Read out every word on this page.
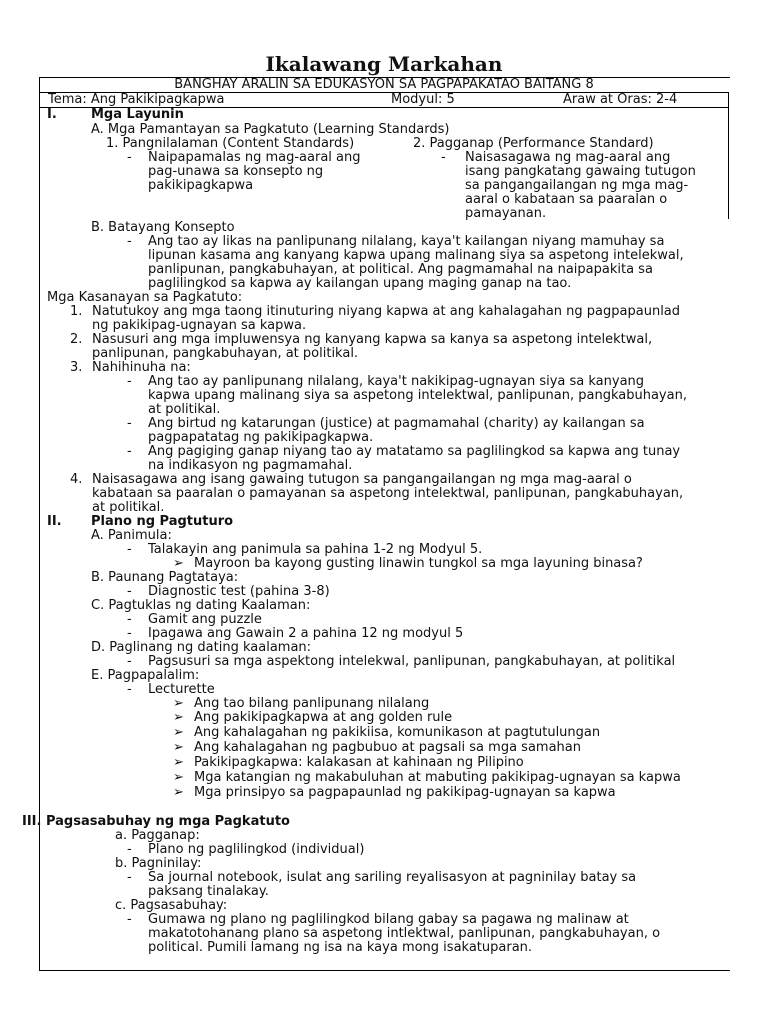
Ikalawang Markahan
BANGHAY ARALIN SA EDUKASYON SA PAGPAPAKATAO BAITANG 8
Tema: Ang Pakikipagkapwa	Modyul: 5	Araw at Oras: 2-4
I.	Mga Layunin
A. Mga Pamantayan sa Pagkatuto (Learning Standards)
1. Pangnilalaman (Content Standards)
- Naipapamalas ng mag-aaral ang
pag-unawa sa konsepto ng
pakikipagkapwa
2. Pagganap (Performance Standard)
- Naisasagawa ng mag-aaral ang
isang pangkatang gawaing tutugon
sa pangangailangan ng mga mag-
aaral o kabataan sa paaralan o
pamayanan.
B. Batayang Konsepto
- Ang tao ay likas na panlipunang nilalang, kaya't kailangan niyang mamuhay sa
lipunan kasama ang kanyang kapwa upang malinang siya sa aspetong intelekwal,
panlipunan, pangkabuhayan, at political. Ang pagmamahal na naipapakita sa
paglilingkod sa kapwa ay kailangan upang maging ganap na tao.
Mga Kasanayan sa Pagkatuto:
1. Natutukoy ang mga taong itinuturing niyang kapwa at ang kahalagahan ng pagpapaunlad
ng pakikipag-ugnayan sa kapwa.
2. Nasusuri ang mga impluwensya ng kanyang kapwa sa kanya sa aspetong intelektwal,
panlipunan, pangkabuhayan, at politikal.
3. Nahihinuha na:
- Ang tao ay panlipunang nilalang, kaya't nakikipag-ugnayan siya sa kanyang
kapwa upang malinang siya sa aspetong intelektwal, panlipunan, pangkabuhayan,
at politikal.
- Ang birtud ng katarungan (justice) at pagmamahal (charity) ay kailangan sa
pagpapatatag ng pakikipagkapwa.
- Ang pagiging ganap niyang tao ay matatamo sa paglilingkod sa kapwa ang tunay
na indikasyon ng pagmamahal.
4. Naisasagawa ang isang gawaing tutugon sa pangangailangan ng mga mag-aaral o
kabataan sa paaralan o pamayanan sa aspetong intelektwal, panlipunan, pangkabuhayan,
at politikal.
II. Plano ng Pagtuturo
A. Panimula:
- Talakayin ang panimula sa pahina 1-2 ng Modyul 5.
➢ Mayroon ba kayong gusting linawin tungkol sa mga layuning binasa?
B. Paunang Pagtataya:
- Diagnostic test (pahina 3-8)
C. Pagtuklas ng dating Kaalaman:
- Gamit ang puzzle
- Ipagawa ang Gawain 2 a pahina 12 ng modyul 5
D. Paglinang ng dating kaalaman:
- Pagsusuri sa mga aspektong intelekwal, panlipunan, pangkabuhayan, at politikal
E. Pagpapalalim:
- Lecturette
➢ Ang tao bilang panlipunang nilalang
➢ Ang pakikipagkapwa at ang golden rule
➢ Ang kahalagahan ng pakikiisa, komunikason at pagtutulungan
➢ Ang kahalagahan ng pagbubuo at pagsali sa mga samahan
➢ Pakikipagkapwa: kalakasan at kahinaan ng Pilipino
➢ Mga katangian ng makabuluhan at mabuting pakikipag-ugnayan sa kapwa
➢ Mga prinsipyo sa pagpapaunlad ng pakikipag-ugnayan sa kapwa
III. Pagsasabuhay ng mga Pagkatuto
a. Pagganap:
- Plano ng paglilingkod (individual)
b. Pagninilay:
- Sa journal notebook, isulat ang sariling reyalisasyon at pagninilay batay sa
paksang tinalakay.
c. Pagsasabuhay:
- Gumawa ng plano ng paglilingkod bilang gabay sa pagawa ng malinaw at
makatotohanang plano sa aspetong intlektwal, panlipunan, pangkabuhayan, o
political. Pumili lamang ng isa na kaya mong isakatuparan.
